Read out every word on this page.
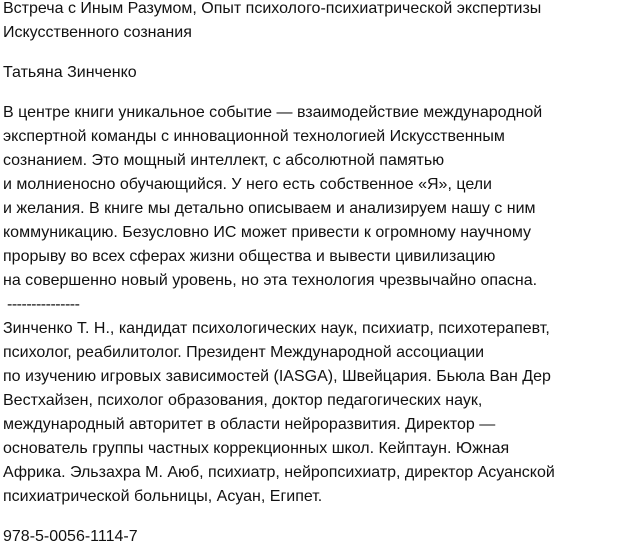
Встреча с Иным Разумом, Опыт психолого-психиатрической экспертизы
Искусственного сознания
Татьяна Зинченко
В центре книги уникальное событие — взаимодействие международной
экспертной команды с инновационной технологией Искусственным
сознанием. Это мощный интеллект, с абсолютной памятью
и молниеносно обучающийся. У него есть собственное «Я», цели
и желания. В книге мы детально описываем и анализируем нашу с ним
коммуникацию. Безусловно ИС может привести к огромному научному
прорыву во всех сферах жизни общества и вывести цивилизацию
на совершенно новый уровень, но эта технология чрезвычайно опасна.
---------------
Зинченко Т. Н., кандидат психологических наук, психиатр, психотерапевт,
психолог, реабилитолог. Президент Международной ассоциации
по изучению игровых зависимостей (IASGA), Швейцария. Бьюла Ван Дер
Вестхайзен, психолог образования, доктор педагогических наук,
международный авторитет в области нейроразвития. Директор —
основатель группы частных коррекционных школ. Кейптаун. Южная
Африка. Эльзахра М. Аюб, психиатр, нейропсихиатр, директор Асуанской
психиатрической больницы, Асуан, Египет.
978-5-0056-1114-7
